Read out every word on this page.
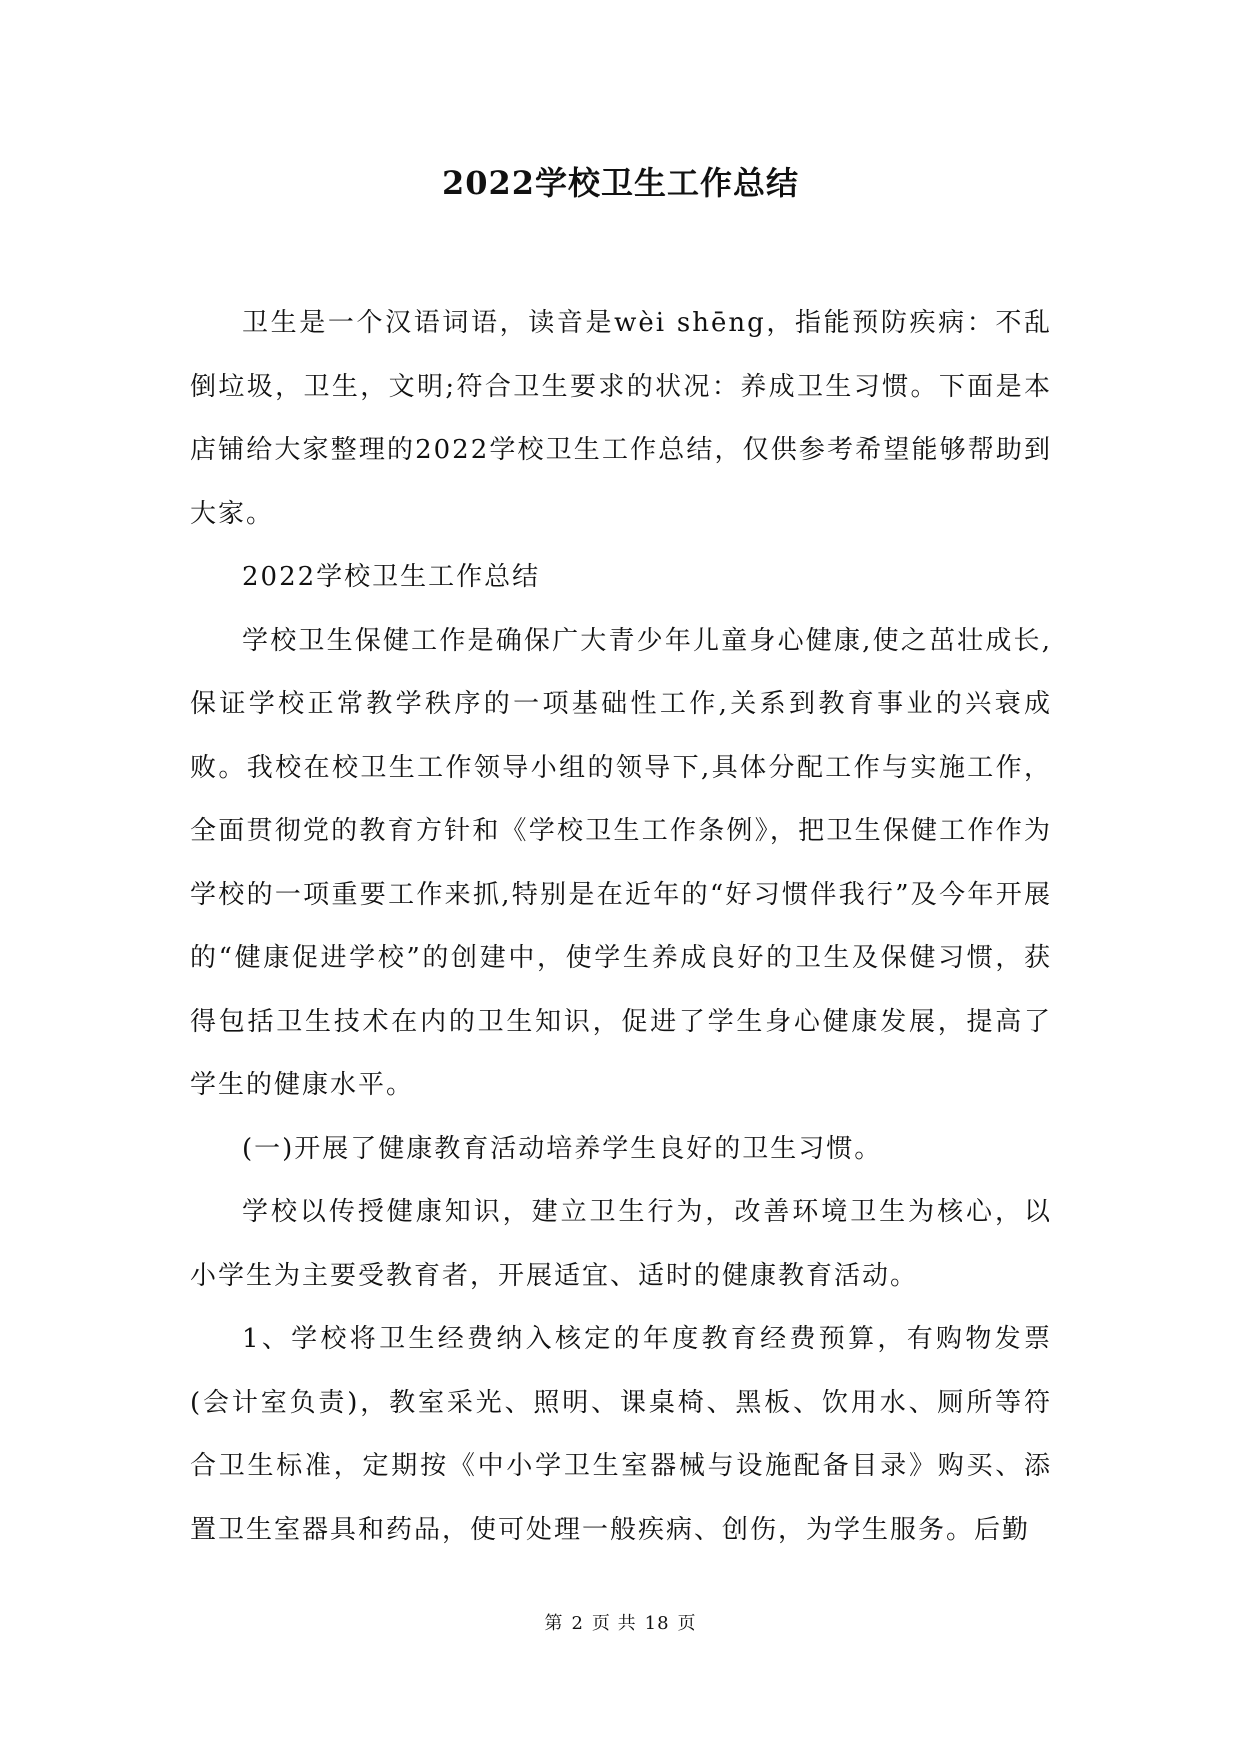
2022学校卫生工作总结

卫生是一个汉语词语，读音是wèi shēng，指能预防疾病：不乱倒垃圾，卫生，文明;符合卫生要求的状况：养成卫生习惯。下面是本店铺给大家整理的2022学校卫生工作总结，仅供参考希望能够帮助到大家。

2022学校卫生工作总结

学校卫生保健工作是确保广大青少年儿童身心健康,使之茁壮成长,保证学校正常教学秩序的一项基础性工作,关系到教育事业的兴衰成败。我校在校卫生工作领导小组的领导下,具体分配工作与实施工作，全面贯彻党的教育方针和《学校卫生工作条例》，把卫生保健工作作为学校的一项重要工作来抓,特别是在近年的“好习惯伴我行”及今年开展的“健康促进学校”的创建中，使学生养成良好的卫生及保健习惯，获得包括卫生技术在内的卫生知识，促进了学生身心健康发展，提高了学生的健康水平。

(一)开展了健康教育活动培养学生良好的卫生习惯。

学校以传授健康知识，建立卫生行为，改善环境卫生为核心，以小学生为主要受教育者，开展适宜、适时的健康教育活动。

1、学校将卫生经费纳入核定的年度教育经费预算，有购物发票(会计室负责)，教室采光、照明、课桌椅、黑板、饮用水、厕所等符合卫生标准，定期按《中小学卫生室器械与设施配备目录》购买、添置卫生室器具和药品，使可处理一般疾病、创伤，为学生服务。后勤

第 2 页 共 18 页
